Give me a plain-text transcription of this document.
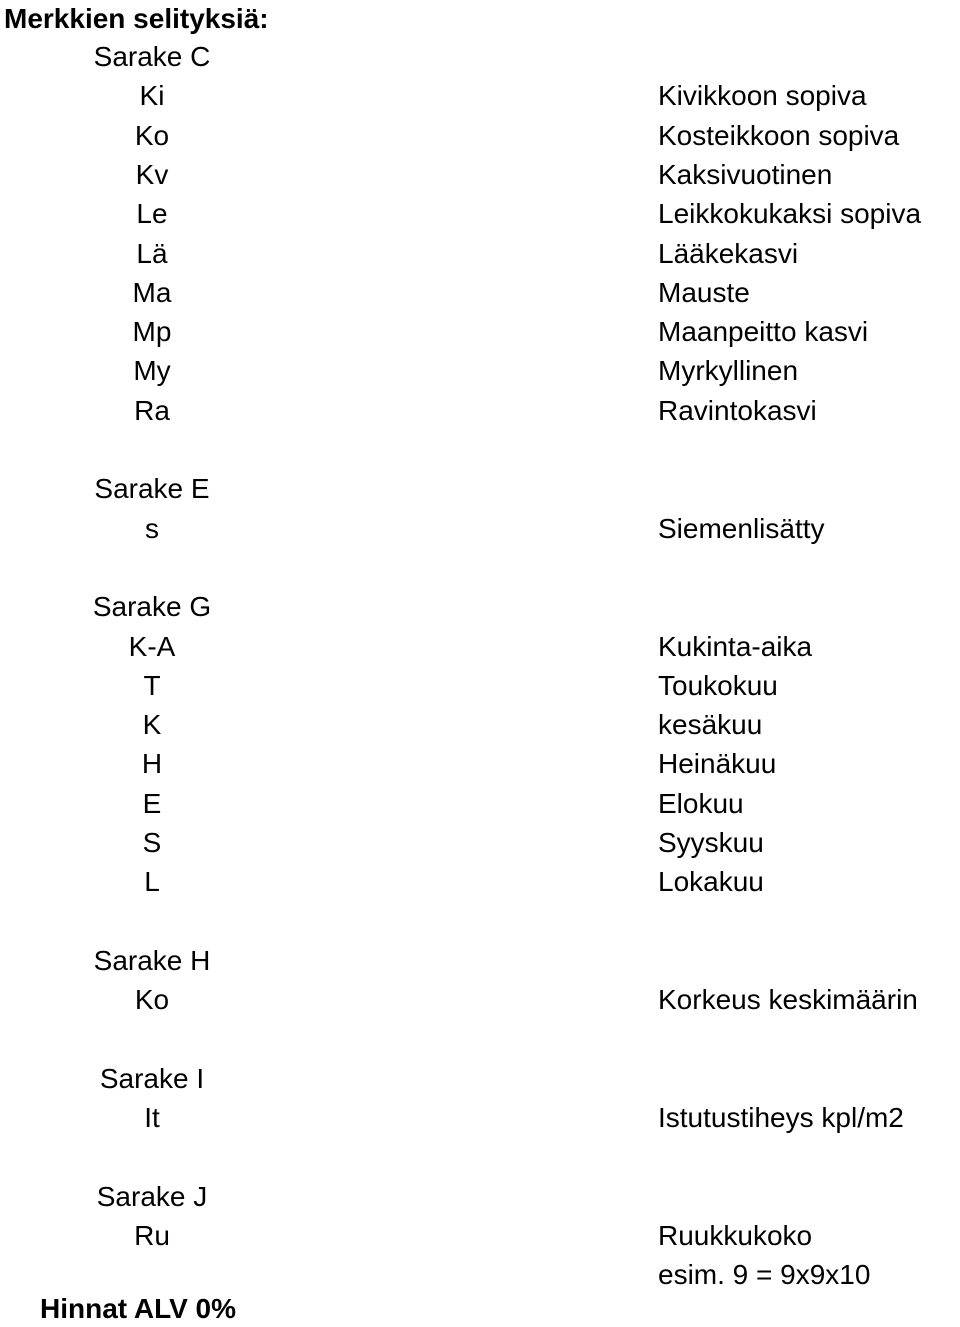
Merkkien selityksiä:
Sarake C
Ki	Kivikkoon sopiva
Ko	Kosteikkoon sopiva
Kv	Kaksivuotinen
Le	Leikkokukaksi sopiva
Lä	Lääkekasvi
Ma	Mauste
Mp	Maanpeitto kasvi
My	Myrkyllinen
Ra	Ravintokasvi
Sarake E
s	Siemenlisätty
Sarake G
K-A	Kukinta-aika
T	Toukokuu
K	kesäkuu
H	Heinäkuu
E	Elokuu
S	Syyskuu
L	Lokakuu
Sarake H
Ko	Korkeus keskimäärin
Sarake I
It	Istutustiheys kpl/m2
Sarake J
Ru	Ruukkukoko
esim. 9 = 9x9x10
Hinnat ALV 0%
